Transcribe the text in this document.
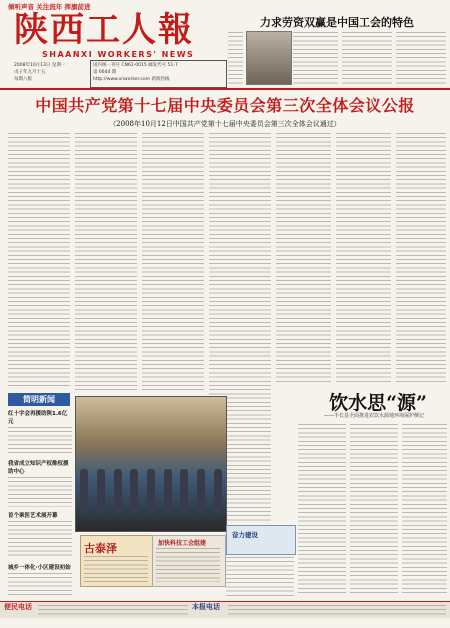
倾听声音 关注流年 挥旗前进
陕西工人報
SHAANXI WORKERS' NEWS
2008年10月13日 星期一
戊子年九月十五
每期八版
国内统一刊号 CN61-0015 邮发代号 51-7
第 6644 期
http://www.snworker.com 新闻热线
力求劳资双赢是中国工会的特色
中国共产党第十七届中央委员会第三次全体会议公报
（2008年10月12日中国共产党第十七届中央委员会第三次全体会议通过）
简明新闻
红十字会再援助陕1.6亿元
我省成立知识产权维权援助中心
首个乘医艺术展开幕
城乡一体化·小区建设初始
饮水思“源”
——手长县全面推进农饮水源地环境保护侧记
古泰泽	加快科技工会组建
奋力建设
便民电话	本报电话
